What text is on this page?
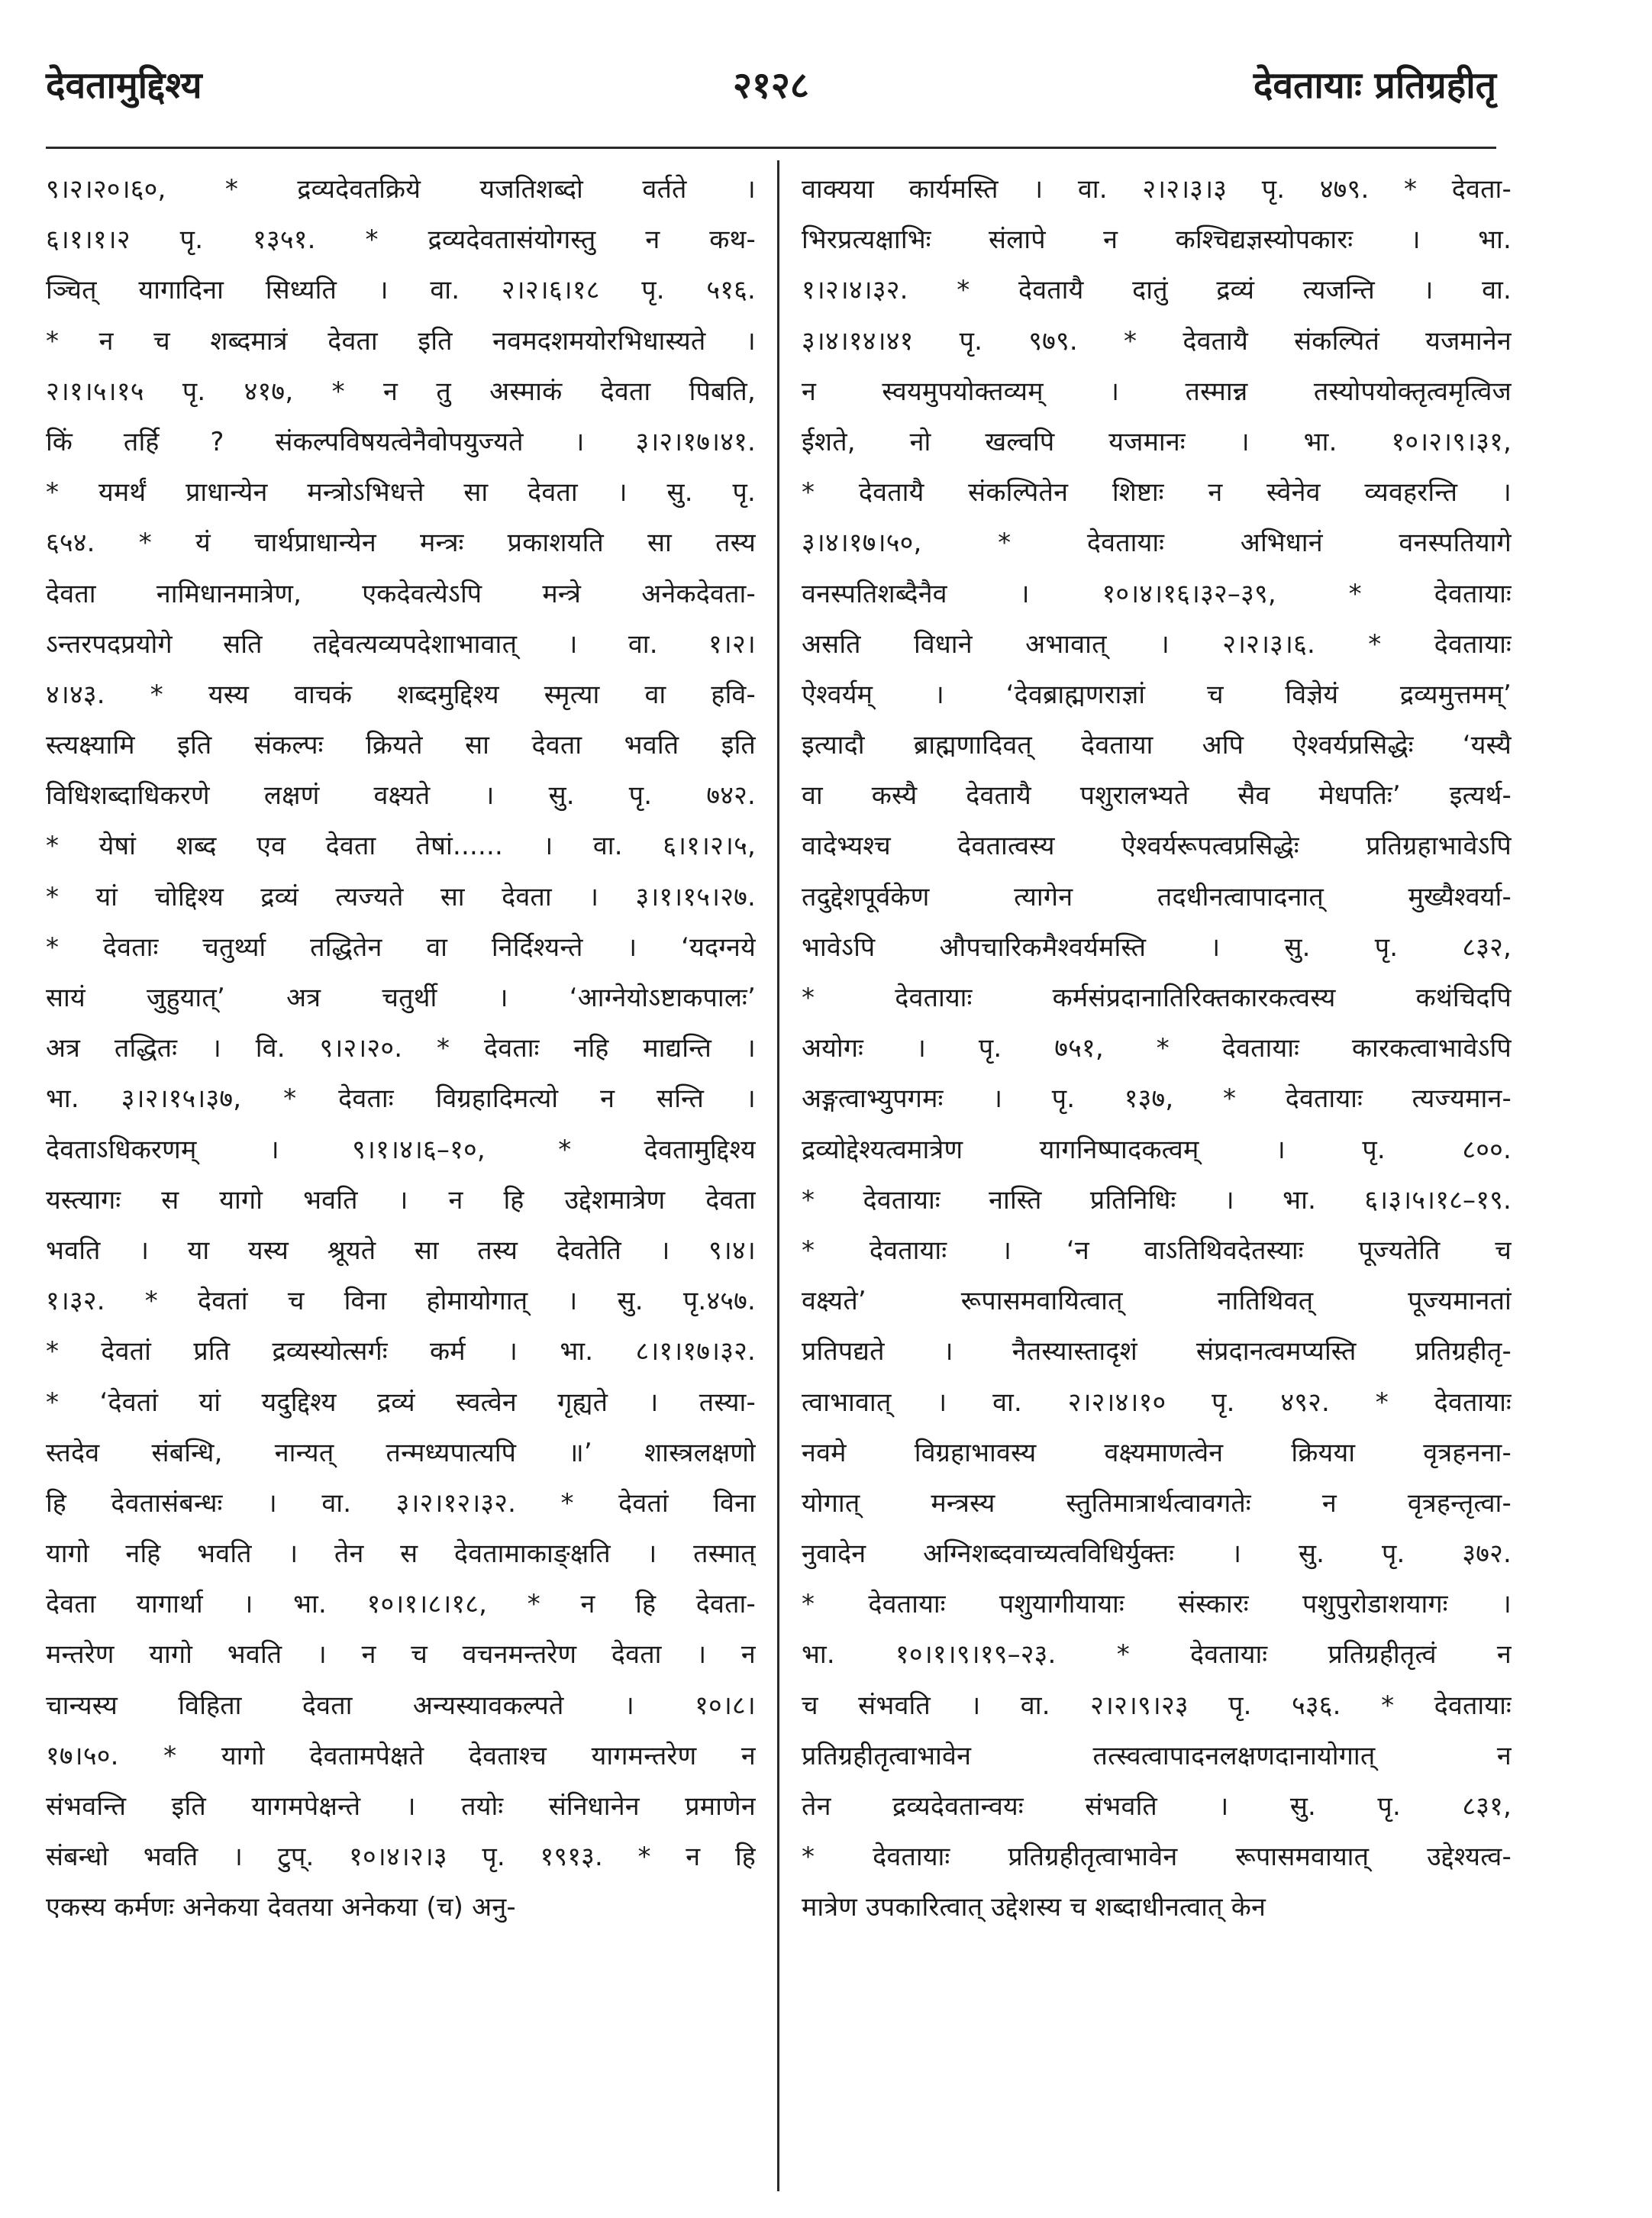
देवतामुद्दिश्य	२१२८	देवतायाः प्रतिग्रहीतृ
९।२।२०।६०, * द्रव्यदेवतक्रिये यजतिशब्दो वर्तते ।
६।१।१।२ पृ. १३५१. * द्रव्यदेवतासंयोगस्तु न कथ-
ञ्चित् यागादिना सिध्यति । वा. २।२।६।१८ पृ. ५१६.
* न च शब्दमात्रं देवता इति नवमदशमयोरभिधास्यते ।
२।१।५।१५ पृ. ४१७, * न तु अस्माकं देवता पिबति,
किं तर्हि ? संकल्पविषयत्वेनैवोपयुज्यते । ३।२।१७।४१.
* यमर्थं प्राधान्येन मन्त्रोऽभिधत्ते सा देवता । सु. पृ.
६५४. * यं चार्थप्राधान्येन मन्त्रः प्रकाशयति सा तस्य
देवता नामिधानमात्रेण, एकदेवत्येऽपि मन्त्रे अनेकदेवता-
ऽन्तरपदप्रयोगे सति तद्देवत्यव्यपदेशाभावात् । वा. १।२।
४।४३. * यस्य वाचकं शब्दमुद्दिश्य स्मृत्या वा हवि-
स्त्यक्ष्यामि इति संकल्पः क्रियते सा देवता भवति इति
विधिशब्दाधिकरणे लक्षणं वक्ष्यते । सु. पृ. ७४२.
* येषां शब्द एव देवता तेषां...... । वा. ६।१।२।५,
* यां चोद्दिश्य द्रव्यं त्यज्यते सा देवता । ३।१।१५।२७.
* देवताः चतुर्थ्या तद्धितेन वा निर्दिश्यन्ते । ‘यदग्नये
सायं जुहुयात्’ अत्र चतुर्थी । ‘आग्नेयोऽष्टाकपालः’
अत्र तद्धितः । वि. ९।२।२०. * देवताः नहि माद्यन्ति ।
भा. ३।२।१५।३७, * देवताः विग्रहादिमत्यो न सन्ति ।
देवताऽधिकरणम् । ९।१।४।६–१०, * देवतामुद्दिश्य
यस्त्यागः स यागो भवति । न हि उद्देशमात्रेण देवता
भवति । या यस्य श्रूयते सा तस्य देवतेति । ९।४।
१।३२. * देवतां च विना होमायोगात् । सु. पृ.४५७.
* देवतां प्रति द्रव्यस्योत्सर्गः कर्म । भा. ८।१।१७।३२.
* ‘देवतां यां यदुद्दिश्य द्रव्यं स्वत्वेन गृह्यते । तस्या-
स्तदेव संबन्धि, नान्यत् तन्मध्यपात्यपि ॥’ शास्त्रलक्षणो
हि देवतासंबन्धः । वा. ३।२।१२।३२. * देवतां विना
यागो नहि भवति । तेन स देवतामाकाङ्क्षति । तस्मात्
देवता यागार्था । भा. १०।१।८।१८, * न हि देवता-
मन्तरेण यागो भवति । न च वचनमन्तरेण देवता । न
चान्यस्य विहिता देवता अन्यस्यावकल्पते । १०।८।
१७।५०. * यागो देवतामपेक्षते देवताश्च यागमन्तरेण न
संभवन्ति इति यागमपेक्षन्ते । तयोः संनिधानेन प्रमाणेन
संबन्धो भवति । टुप्. १०।४।२।३ पृ. १९१३. * न हि
एकस्य कर्मणः अनेकया देवतया अनेकया (च) अनु-
वाक्यया कार्यमस्ति । वा. २।२।३।३ पृ. ४७९. * देवता-
भिरप्रत्यक्षाभिः संलापे न कश्चिद्यज्ञस्योपकारः । भा.
१।२।४।३२. * देवतायै दातुं द्रव्यं त्यजन्ति । वा.
३।४।१४।४१ पृ. ९७९. * देवतायै संकल्पितं यजमानेन
न स्वयमुपयोक्तव्यम् । तस्मान्न तस्योपयोक्तृत्वमृत्विज
ईशते, नो खल्वपि यजमानः । भा. १०।२।९।३१,
* देवतायै संकल्पितेन शिष्टाः न स्वेनेव व्यवहरन्ति ।
३।४।१७।५०, * देवतायाः अभिधानं वनस्पतियागे
वनस्पतिशब्दैनैव । १०।४।१६।३२–३९, * देवतायाः
असति विधाने अभावात् । २।२।३।६. * देवतायाः
ऐश्वर्यम् । ‘देवब्राह्मणराज्ञां च विज्ञेयं द्रव्यमुत्तमम्’
इत्यादौ ब्राह्मणादिवत् देवताया अपि ऐश्वर्यप्रसिद्धेः ‘यस्यै
वा कस्यै देवतायै पशुरालभ्यते सैव मेधपतिः’ इत्यर्थ-
वादेभ्यश्च देवतात्वस्य ऐश्वर्यरूपत्वप्रसिद्धेः प्रतिग्रहाभावेऽपि
तदुद्देशपूर्वकेण त्यागेन तदधीनत्वापादनात् मुख्यैश्वर्या-
भावेऽपि औपचारिकमैश्वर्यमस्ति । सु. पृ. ८३२,
* देवतायाः कर्मसंप्रदानातिरिक्तकारकत्वस्य कथंचिदपि
अयोगः । पृ. ७५१, * देवतायाः कारकत्वाभावेऽपि
अङ्गत्वाभ्युपगमः । पृ. १३७, * देवतायाः त्यज्यमान-
द्रव्योद्देश्यत्वमात्रेण यागनिष्पादकत्वम् । पृ. ८००.
* देवतायाः नास्ति प्रतिनिधिः । भा. ६।३।५।१८–१९.
* देवतायाः । ‘न वाऽतिथिवदेतस्याः पूज्यतेति च
वक्ष्यते’ रूपासमवायित्वात् नातिथिवत् पूज्यमानतां
प्रतिपद्यते । नैतस्यास्तादृशं संप्रदानत्वमप्यस्ति प्रतिग्रहीतृ-
त्वाभावात् । वा. २।२।४।१० पृ. ४९२. * देवतायाः
नवमे विग्रहाभावस्य वक्ष्यमाणत्वेन क्रियया वृत्रहनना-
योगात् मन्त्रस्य स्तुतिमात्रार्थत्वावगतेः न वृत्रहन्तृत्वा-
नुवादेन अग्निशब्दवाच्यत्वविधिर्युक्तः । सु. पृ. ३७२.
* देवतायाः पशुयागीयायाः संस्कारः पशुपुरोडाशयागः ।
भा. १०।१।९।१९–२३. * देवतायाः प्रतिग्रहीतृत्वं न
च संभवति । वा. २।२।९।२३ पृ. ५३६. * देवतायाः
प्रतिग्रहीतृत्वाभावेन तत्स्वत्वापादनलक्षणदानायोगात् न
तेन द्रव्यदेवतान्वयः संभवति । सु. पृ. ८३१,
* देवतायाः प्रतिग्रहीतृत्वाभावेन रूपासमवायात् उद्देश्यत्व-
मात्रेण उपकारित्वात् उद्देशस्य च शब्दाधीनत्वात् केन
